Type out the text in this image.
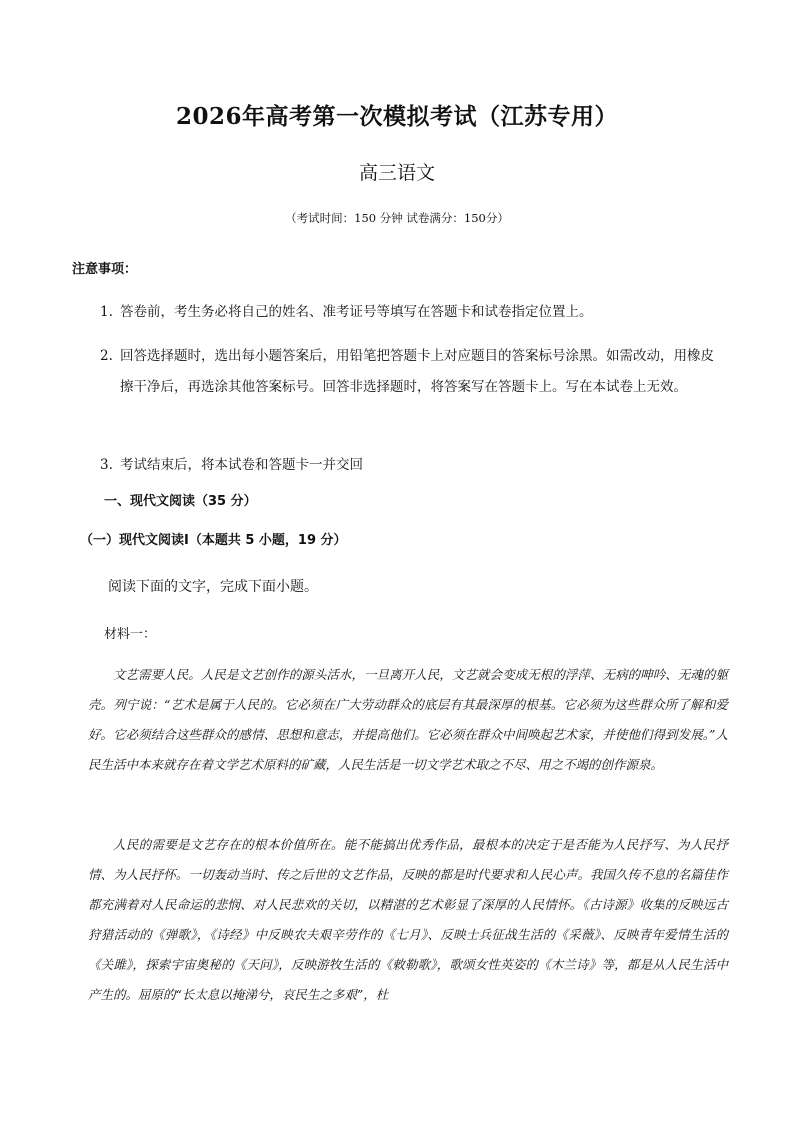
2026年高考第一次模拟考试（江苏专用）
高三语文
（考试时间：150 分钟 试卷满分：150分）
注意事项：
1. 答卷前，考生务必将自己的姓名、准考证号等填写在答题卡和试卷指定位置上。
2. 回答选择题时，选出每小题答案后，用铅笔把答题卡上对应题目的答案标号涂黑。如需改动，用橡皮擦干净后，再选涂其他答案标号。回答非选择题时，将答案写在答题卡上。写在本试卷上无效。
3. 考试结束后，将本试卷和答题卡一并交回
一、现代文阅读（35 分）
（一）现代文阅读Ⅰ（本题共 5 小题，19 分）
阅读下面的文字，完成下面小题。
材料一：
文艺需要人民。人民是文艺创作的源头活水，一旦离开人民，文艺就会变成无根的浮萍、无病的呻吟、无魂的躯壳。列宁说：“艺术是属于人民的。它必须在广大劳动群众的底层有其最深厚的根基。它必须为这些群众所了解和爱好。它必须结合这些群众的感情、思想和意志，并提高他们。它必须在群众中间唤起艺术家，并使他们得到发展。”人民生活中本来就存在着文学艺术原料的矿藏，人民生活是一切文学艺术取之不尽、用之不竭的创作源泉。
人民的需要是文艺存在的根本价值所在。能不能搞出优秀作品，最根本的决定于是否能为人民抒写、为人民抒情、为人民抒怀。一切轰动当时、传之后世的文艺作品，反映的都是时代要求和人民心声。我国久传不息的名篇佳作都充满着对人民命运的悲悯、对人民悲欢的关切，以精湛的艺术彰显了深厚的人民情怀。《古诗源》收集的反映远古狩猎活动的《弹歌》，《诗经》中反映农夫艰辛劳作的《七月》、反映士兵征战生活的《采薇》、反映青年爱情生活的《关雎》，探索宇宙奥秘的《天问》，反映游牧生活的《敕勒歌》，歌颂女性英姿的《木兰诗》等，都是从人民生活中产生的。屈原的“长太息以掩涕兮，哀民生之多艰”，杜
